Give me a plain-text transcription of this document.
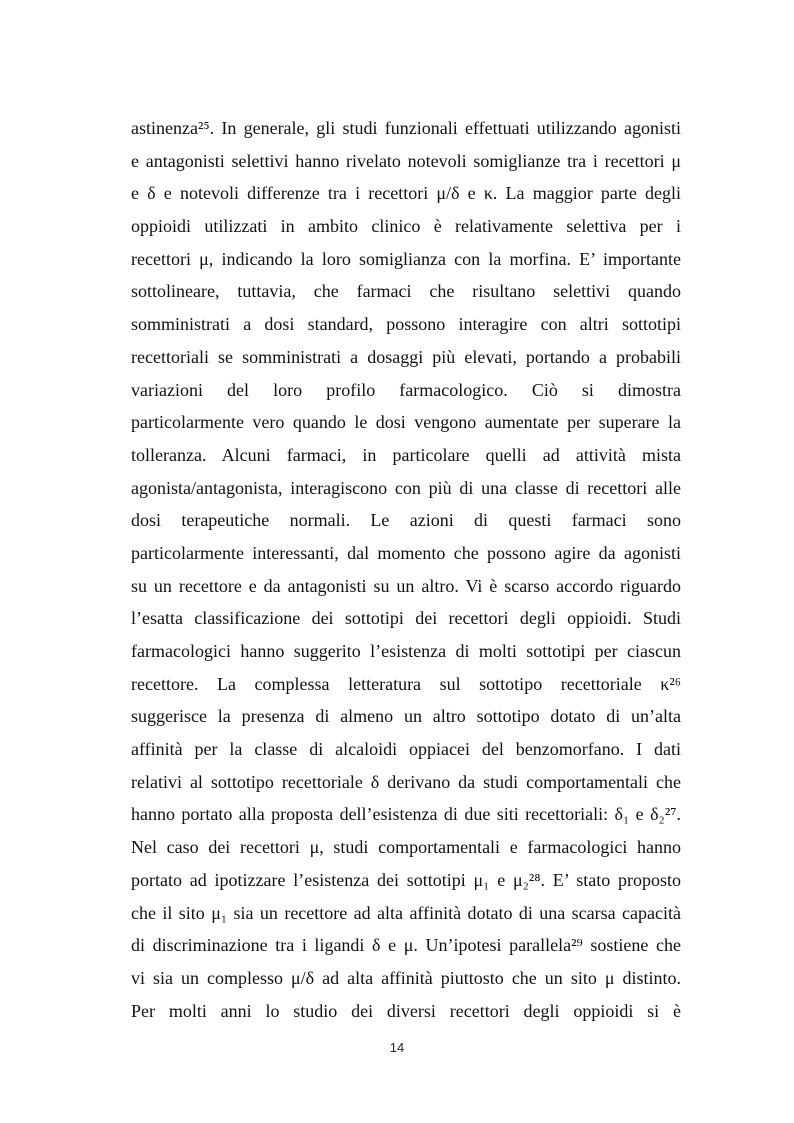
astinenza²⁵. In generale, gli studi funzionali effettuati utilizzando agonisti
e antagonisti selettivi hanno rivelato notevoli somiglianze tra i recettori μ
e δ e notevoli differenze tra i recettori μ/δ e κ. La maggior parte degli
oppioidi utilizzati in ambito clinico è relativamente selettiva per i
recettori μ, indicando la loro somiglianza con la morfina. E’ importante
sottolineare, tuttavia, che farmaci che risultano selettivi quando
somministrati a dosi standard, possono interagire con altri sottotipi
recettoriali se somministrati a dosaggi più elevati, portando a probabili
variazioni del loro profilo farmacologico. Ciò si dimostra
particolarmente vero quando le dosi vengono aumentate per superare la
tolleranza. Alcuni farmaci, in particolare quelli ad attività mista
agonista/antagonista, interagiscono con più di una classe di recettori alle
dosi terapeutiche normali. Le azioni di questi farmaci sono
particolarmente interessanti, dal momento che possono agire da agonisti
su un recettore e da antagonisti su un altro. Vi è scarso accordo riguardo
l’esatta classificazione dei sottotipi dei recettori degli oppioidi. Studi
farmacologici hanno suggerito l’esistenza di molti sottotipi per ciascun
recettore. La complessa letteratura sul sottotipo recettoriale κ²⁶
suggerisce la presenza di almeno un altro sottotipo dotato di un’alta
affinità per la classe di alcaloidi oppiacei del benzomorfano. I dati
relativi al sottotipo recettoriale δ derivano da studi comportamentali che
hanno portato alla proposta dell’esistenza di due siti recettoriali: δ₁ e δ₂²⁷.
Nel caso dei recettori μ, studi comportamentali e farmacologici hanno
portato ad ipotizzare l’esistenza dei sottotipi μ₁ e μ₂²⁸. E’ stato proposto
che il sito μ₁ sia un recettore ad alta affinità dotato di una scarsa capacità
di discriminazione tra i ligandi δ e μ. Un’ipotesi parallela²⁹ sostiene che
vi sia un complesso μ/δ ad alta affinità piuttosto che un sito μ distinto.
Per molti anni lo studio dei diversi recettori degli oppioidi si è
14
